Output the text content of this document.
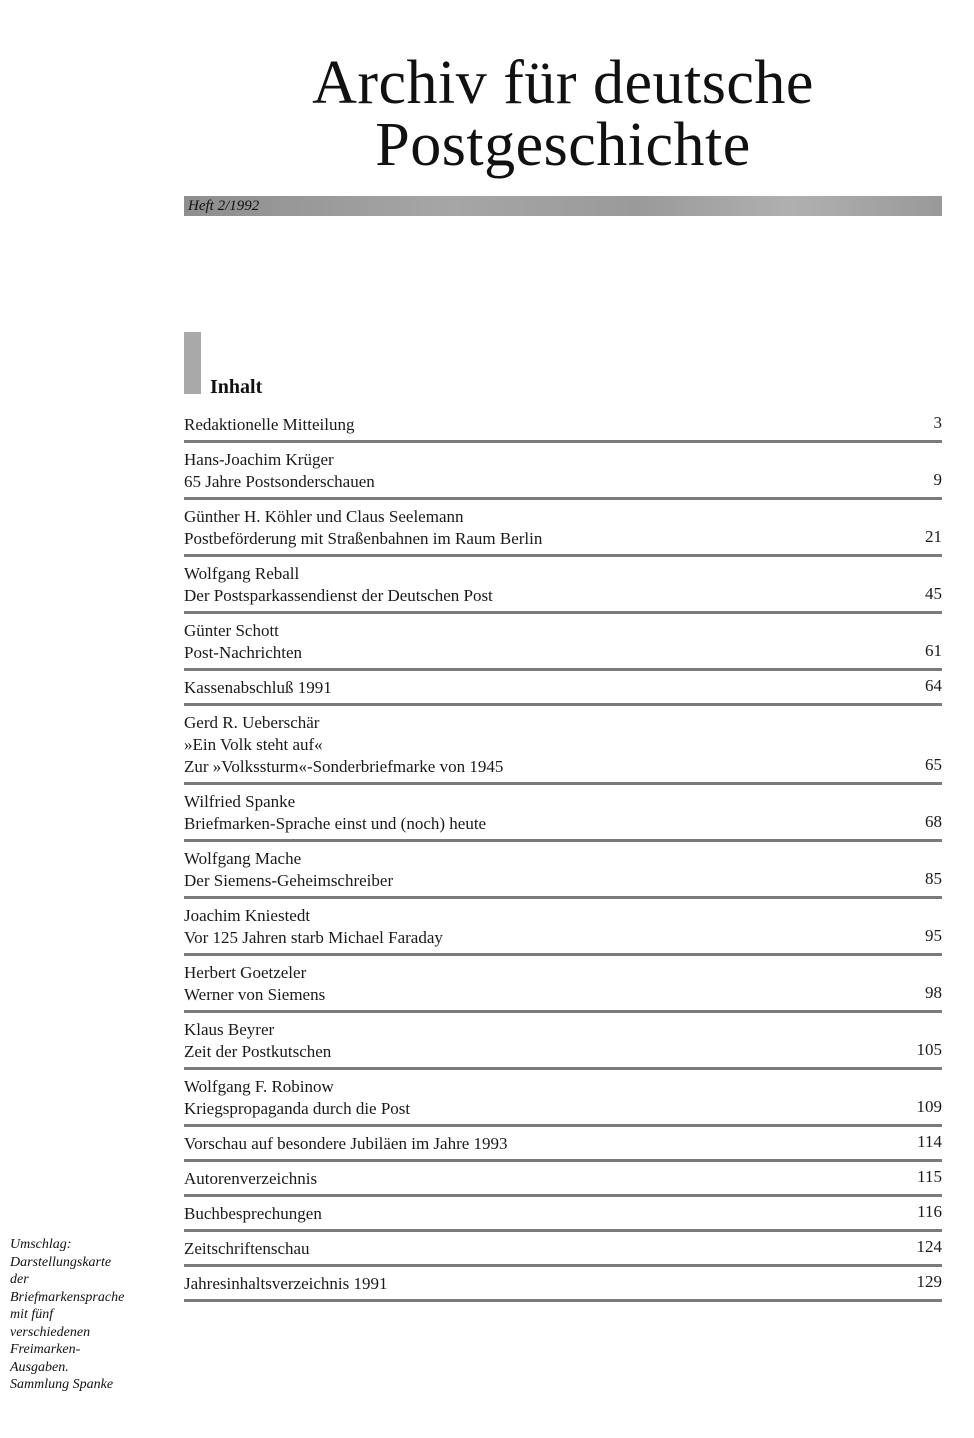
Archiv für deutsche
Postgeschichte
Heft 2/1992
Inhalt
Redaktionelle Mitteilung	3
Hans-Joachim Krüger
65 Jahre Postsonderschauen	9
Günther H. Köhler und Claus Seelemann
Postbeförderung mit Straßenbahnen im Raum Berlin	21
Wolfgang Reball
Der Postsparkassendienst der Deutschen Post	45
Günter Schott
Post-Nachrichten	61
Kassenabschluß 1991	64
Gerd R. Ueberschär
»Ein Volk steht auf«
Zur »Volkssturm«-Sonderbriefmarke von 1945	65
Wilfried Spanke
Briefmarken-Sprache einst und (noch) heute	68
Wolfgang Mache
Der Siemens-Geheimschreiber	85
Joachim Kniestedt
Vor 125 Jahren starb Michael Faraday	95
Herbert Goetzeler
Werner von Siemens	98
Klaus Beyrer
Zeit der Postkutschen	105
Wolfgang F. Robinow
Kriegspropaganda durch die Post	109
Vorschau auf besondere Jubiläen im Jahre 1993	114
Autorenverzeichnis	115
Buchbesprechungen	116
Zeitschriftenschau	124
Jahresinhaltsverzeichnis 1991	129
Umschlag:
Darstellungskarte
der
Briefmarkensprache
mit fünf
verschiedenen
Freimarken-
Ausgaben.
Sammlung Spanke
